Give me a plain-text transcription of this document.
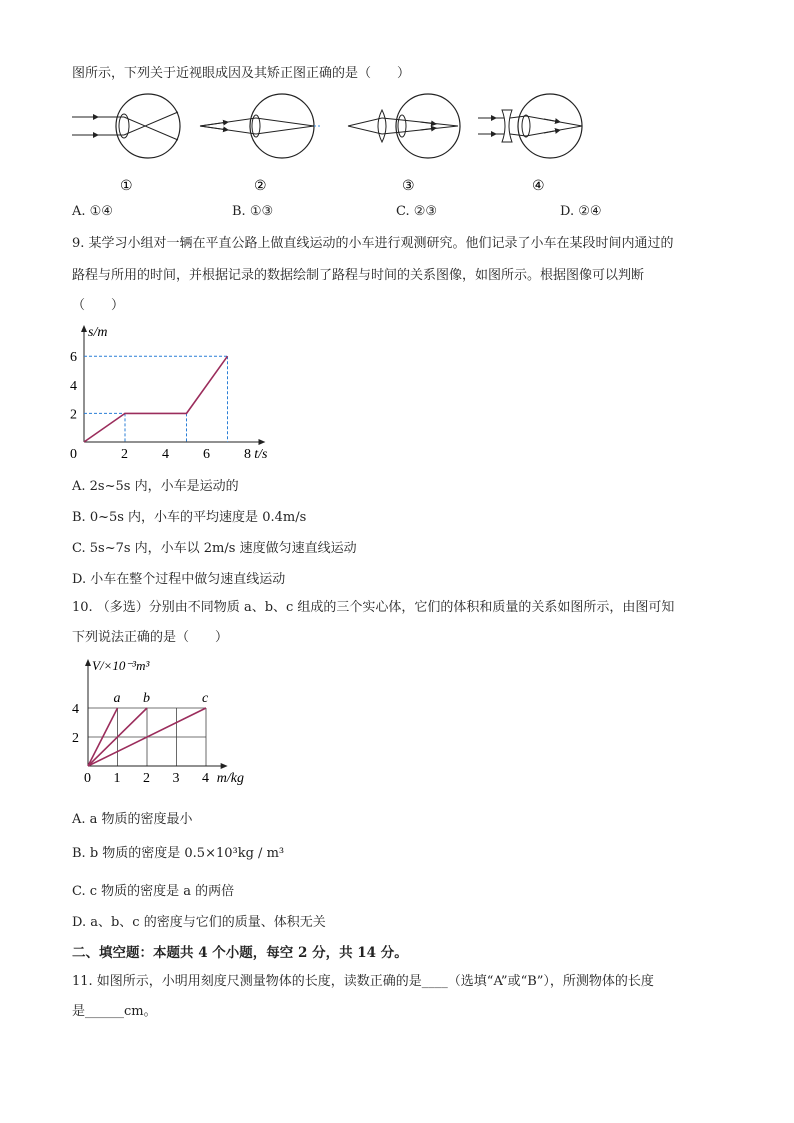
图所示，下列关于近视眼成因及其矫正图正确的是（　　）
①	②	③	④
A. ①④	B. ①③	C. ②③	D. ②④
9. 某学习小组对一辆在平直公路上做直线运动的小车进行观测研究。他们记录了小车在某段时间内通过的
路程与所用的时间，并根据记录的数据绘制了路程与时间的关系图像，如图所示。根据图像可以判断
（　　）
0	2 4 6 8
2
4
6
t/s
s/m
A. 2s~5s 内，小车是运动的
B. 0~5s 内，小车的平均速度是 0.4m/s
C. 5s~7s 内，小车以 2m/s 速度做匀速直线运动
D. 小车在整个过程中做匀速直线运动
10. （多选）分别由不同物质 a、b、c 组成的三个实心体，它们的体积和质量的关系如图所示，由图可知
下列说法正确的是（　　）
a b	c
0 1 2 3 4
2
4
m/kg
V/×10⁻³m³
A. a 物质的密度最小
B. b 物质的密度是 0.5×10³kg / m³
C. c 物质的密度是 a 的两倍
D. a、b、c 的密度与它们的质量、体积无关
二、填空题：本题共 4 个小题，每空 2 分，共 14 分。
11. 如图所示，小明用刻度尺测量物体的长度，读数正确的是____（选填“A”或“B”），所测物体的长度
是______cm。
